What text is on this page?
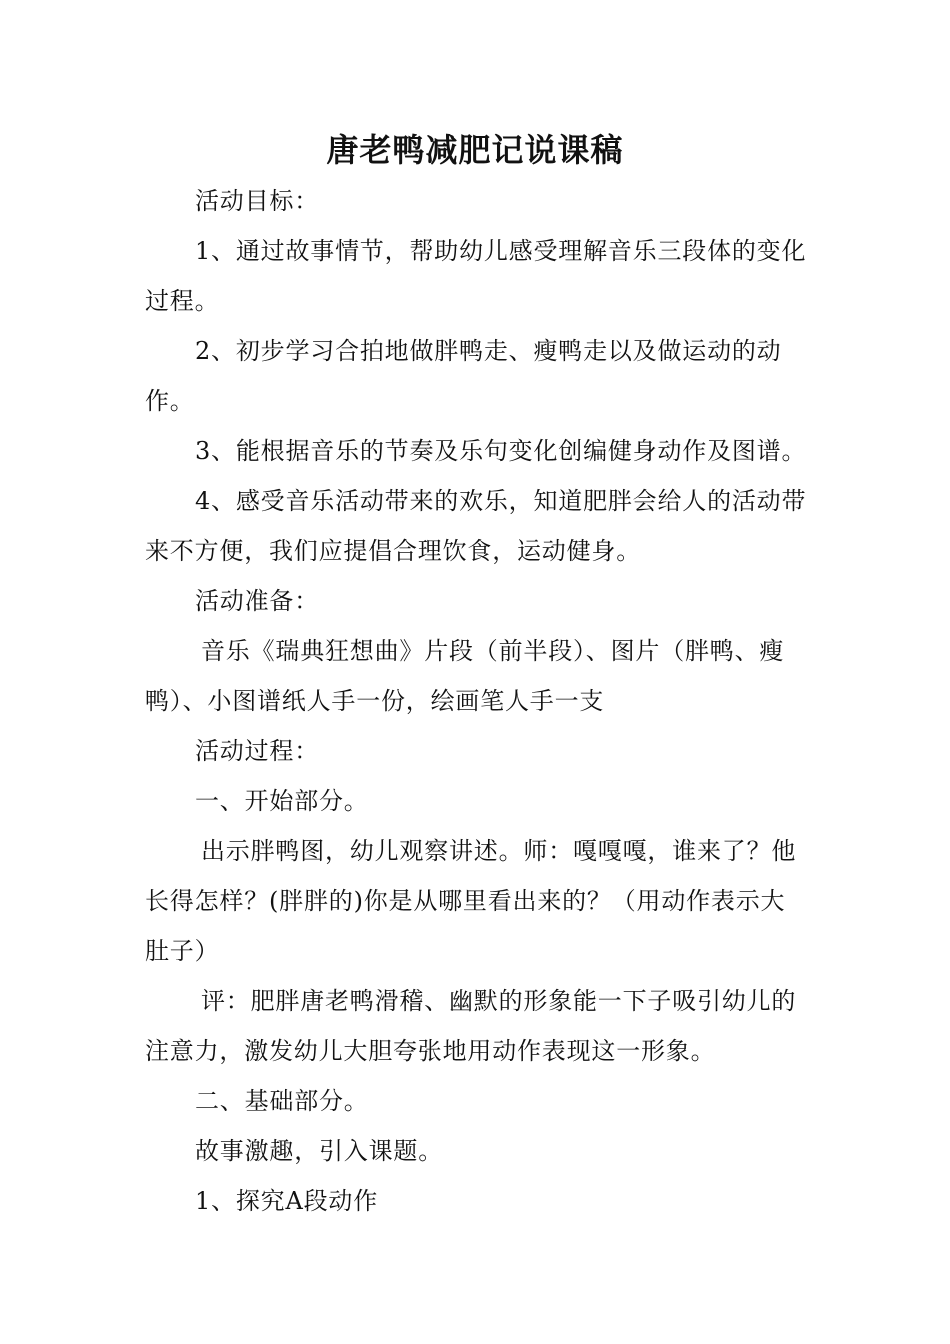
唐老鸭减肥记说课稿

活动目标：

1、通过故事情节，帮助幼儿感受理解音乐三段体的变化过程。

2、初步学习合拍地做胖鸭走、瘦鸭走以及做运动的动作。

3、能根据音乐的节奏及乐句变化创编健身动作及图谱。

4、感受音乐活动带来的欢乐，知道肥胖会给人的活动带来不方便，我们应提倡合理饮食，运动健身。

活动准备：

音乐《瑞典狂想曲》片段（前半段）、图片（胖鸭、瘦鸭）、小图谱纸人手一份，绘画笔人手一支

活动过程：

一、开始部分。

出示胖鸭图，幼儿观察讲述。师：嘎嘎嘎，谁来了？他长得怎样？(胖胖的)你是从哪里看出来的？（用动作表示大肚子）

评：肥胖唐老鸭滑稽、幽默的形象能一下子吸引幼儿的注意力，激发幼儿大胆夸张地用动作表现这一形象。

二、基础部分。

故事激趣，引入课题。

1、探究A段动作
